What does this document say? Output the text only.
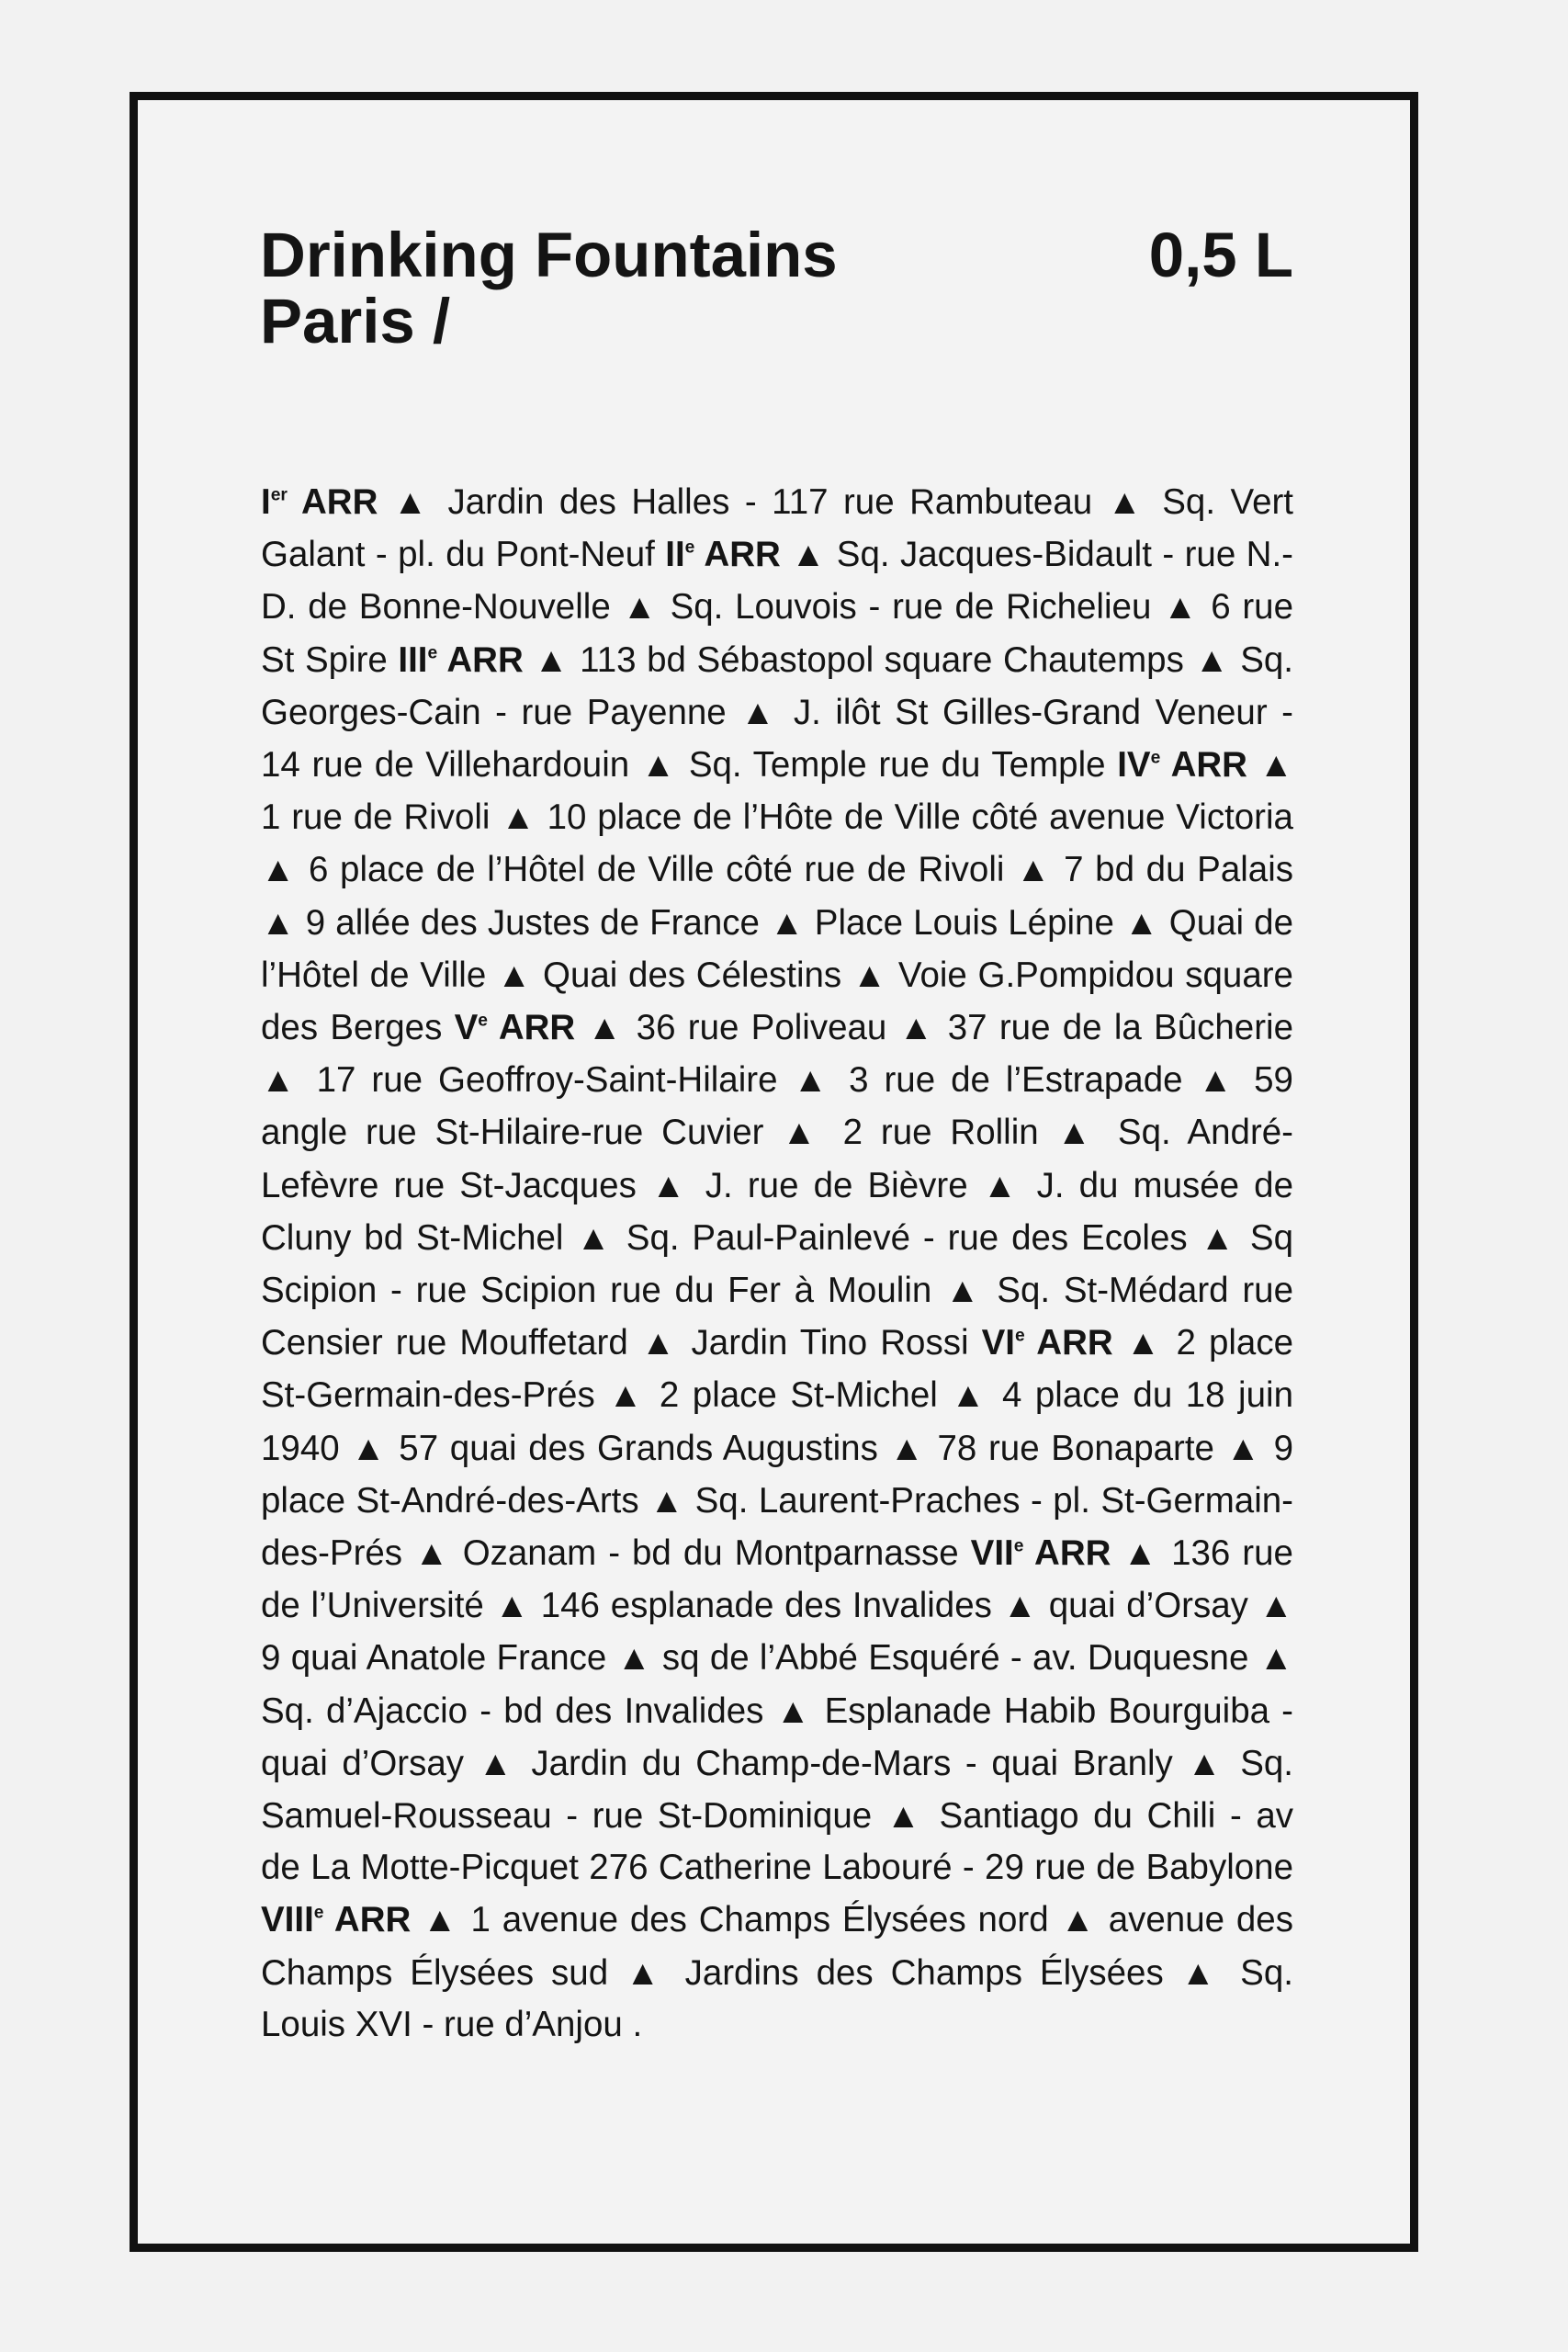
Drinking Fountains
Paris /
0,5 L
Ier ARR ▲ Jardin des Halles - 117 rue Rambuteau ▲ Sq. Vert Galant - pl. du Pont-Neuf IIe ARR ▲ Sq. Jacques-Bidault - rue N.-D. de Bonne-Nouvelle ▲ Sq. Louvois - rue de Richelieu ▲ 6 rue St Spire IIIe ARR ▲ 113 bd Sébastopol square Chautemps ▲ Sq. Georges-Cain - rue Payenne ▲ J. ilôt St Gilles-Grand Veneur - 14 rue de Villehardouin ▲ Sq. Temple rue du Temple IVe ARR ▲ 1 rue de Rivoli ▲ 10 place de l’Hôte de Ville côté avenue Victoria ▲ 6 place de l’Hôtel de Ville côté rue de Rivoli ▲ 7 bd du Palais ▲ 9 allée des Justes de France ▲ Place Louis Lépine ▲ Quai de l’Hôtel de Ville ▲ Quai des Célestins ▲ Voie G.Pompidou square des Berges Ve ARR ▲ 36 rue Poliveau ▲ 37 rue de la Bûcherie ▲ 17 rue Geoffroy-Saint-Hilaire ▲ 3 rue de l’Estrapade ▲ 59 angle rue St-Hilaire-rue Cuvier ▲ 2 rue Rollin ▲ Sq. André-Lefèvre rue St-Jacques ▲ J. rue de Bièvre ▲ J. du musée de Cluny bd St-Michel ▲ Sq. Paul-Painlevé - rue des Ecoles ▲ Sq Scipion - rue Scipion rue du Fer à Moulin ▲ Sq. St-Médard rue Censier rue Mouffetard ▲ Jardin Tino Rossi VIe ARR ▲ 2 place St-Germain-des-Prés ▲ 2 place St-Michel ▲ 4 place du 18 juin 1940 ▲ 57 quai des Grands Augustins ▲ 78 rue Bonaparte ▲ 9 place St-André-des-Arts ▲ Sq. Laurent-Praches - pl. St-Germain-des-Prés ▲ Ozanam - bd du Montparnasse VIIe ARR ▲ 136 rue de l’Université ▲ 146 esplanade des Invalides ▲ quai d’Orsay ▲ 9 quai Anatole France ▲ sq de l’Abbé Esquéré - av. Duquesne ▲ Sq. d’Ajaccio - bd des Invalides ▲ Esplanade Habib Bourguiba - quai d’Orsay ▲ Jardin du Champ-de-Mars - quai Branly ▲ Sq. Samuel-Rousseau - rue St-Dominique ▲ Santiago du Chili - av de La Motte-Picquet 276 Catherine Labouré - 29 rue de Babylone VIIIe ARR ▲ 1 avenue des Champs Élysées nord ▲ avenue des Champs Élysées sud ▲ Jardins des Champs Élysées ▲ Sq. Louis XVI - rue d’Anjou .
